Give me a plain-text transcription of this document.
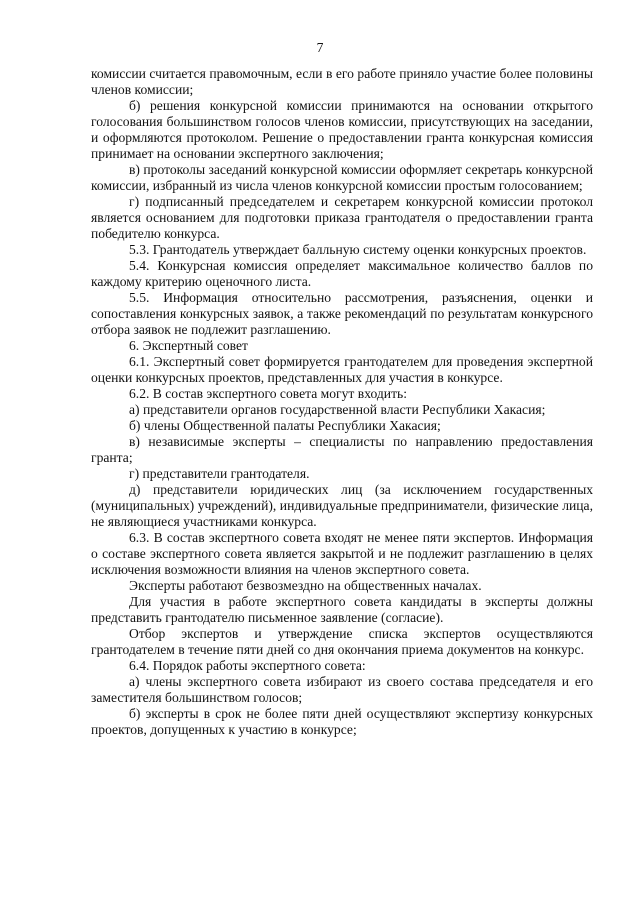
7

комиссии считается правомочным, если в его работе приняло участие более половины членов комиссии;

б) решения конкурсной комиссии принимаются на основании открытого голосования большинством голосов членов комиссии, присутствующих на заседании, и оформляются протоколом. Решение о предоставлении гранта конкурсная комиссия принимает на основании экспертного заключения;

в) протоколы заседаний конкурсной комиссии оформляет секретарь конкурсной комиссии, избранный из числа членов конкурсной комиссии простым голосованием;

г) подписанный председателем и секретарем конкурсной комиссии протокол является основанием для подготовки приказа грантодателя о предоставлении гранта победителю конкурса.

5.3. Грантодатель утверждает балльную систему оценки конкурсных проектов.

5.4. Конкурсная комиссия определяет максимальное количество баллов по каждому критерию оценочного листа.

5.5. Информация относительно рассмотрения, разъяснения, оценки и сопоставления конкурсных заявок, а также рекомендаций по результатам конкурсного отбора заявок не подлежит разглашению.

6. Экспертный совет

6.1. Экспертный совет формируется грантодателем для проведения экспертной оценки конкурсных проектов, представленных для участия в конкурсе.

6.2. В состав экспертного совета могут входить:

а) представители органов государственной власти Республики Хакасия;

б) члены Общественной палаты Республики Хакасия;

в) независимые эксперты – специалисты по направлению предоставления гранта;

г) представители грантодателя.

д) представители юридических лиц (за исключением государственных (муниципальных) учреждений), индивидуальные предприниматели, физические лица, не являющиеся участниками конкурса.

6.3. В состав экспертного совета входят не менее пяти экспертов. Информация о составе экспертного совета является закрытой и не подлежит разглашению в целях исключения возможности влияния на членов экспертного совета.

Эксперты работают безвозмездно на общественных началах.

Для участия в работе экспертного совета кандидаты в эксперты должны представить грантодателю письменное заявление (согласие).

Отбор экспертов и утверждение списка экспертов осуществляются грантодателем в течение пяти дней со дня окончания приема документов на конкурс.

6.4. Порядок работы экспертного совета:

а) члены экспертного совета избирают из своего состава председателя и его заместителя большинством голосов;

б) эксперты в срок не более пяти дней осуществляют экспертизу конкурсных проектов, допущенных к участию в конкурсе;
